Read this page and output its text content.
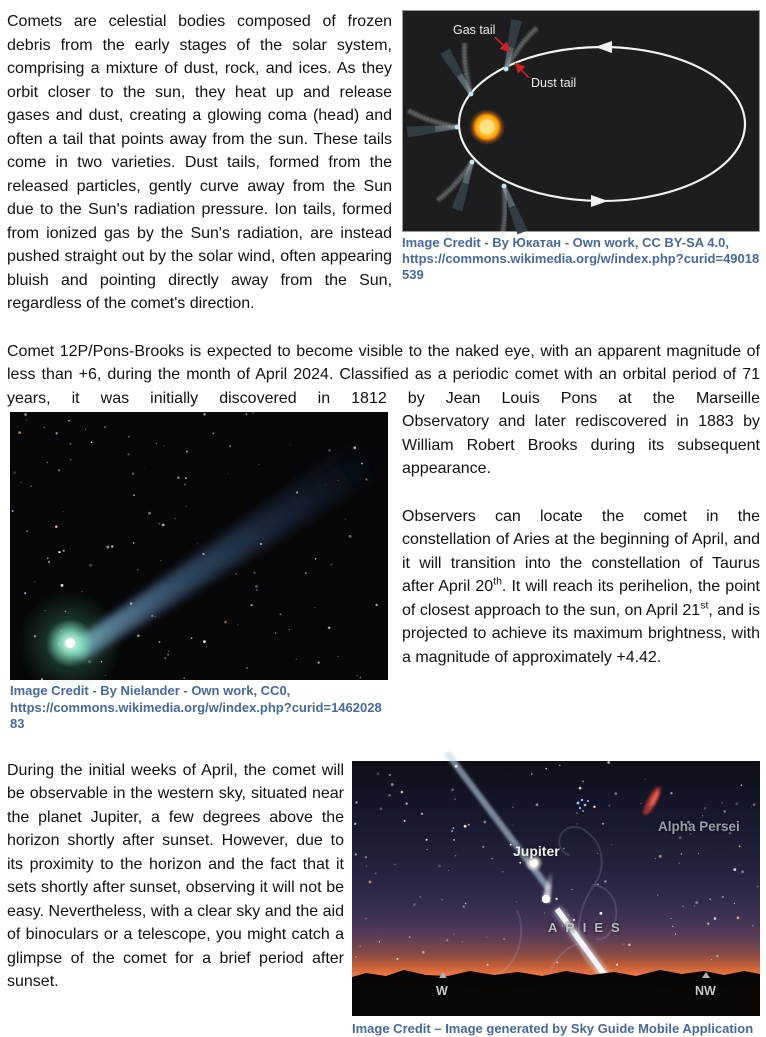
Gas tail
Dust tail
Image Credit - By Юкатан - Own work, CC BY-SA 4.0,
https://commons.wikimedia.org/w/index.php?curid=49018539
Comets are celestial bodies composed of frozen debris from the early stages of the solar system, comprising a mixture of dust, rock, and ices. As they orbit closer to the sun, they heat up and release gases and dust, creating a glowing coma (head) and often a tail that points away from the sun. These tails come in two varieties. Dust tails, formed from the released particles, gently curve away from the Sun due to the Sun's radiation pressure. Ion tails, formed from ionized gas by the Sun's radiation, are instead pushed straight out by the solar wind, often appearing bluish and pointing directly away from the Sun, regardless of the comet's direction.
Comet 12P/Pons-Brooks is expected to become visible to the naked eye, with an apparent magnitude of less than +6, during the month of April 2024. Classified as a periodic comet with an orbital period of 71 years, it was initially discovered in 1812 by Jean Louis Pons at the Marseille
Image Credit - By Nielander - Own work, CC0,
https://commons.wikimedia.org/w/index.php?curid=146202883
Observatory and later rediscovered in 1883 by William Robert Brooks during its subsequent appearance.
Observers can locate the comet in the constellation of Aries at the beginning of April, and it will transition into the constellation of Taurus after April 20th. It will reach its perihelion, the point of closest approach to the sun, on April 21st, and is projected to achieve its maximum brightness, with a magnitude of approximately +4.42.
Jupiter
ARIES
Alpha Persei
W	NW
Image Credit – Image generated by Sky Guide Mobile Application
During the initial weeks of April, the comet will be observable in the western sky, situated near the planet Jupiter, a few degrees above the horizon shortly after sunset. However, due to its proximity to the horizon and the fact that it sets shortly after sunset, observing it will not be easy. Nevertheless, with a clear sky and the aid of binoculars or a telescope, you might catch a glimpse of the comet for a brief period after sunset.
